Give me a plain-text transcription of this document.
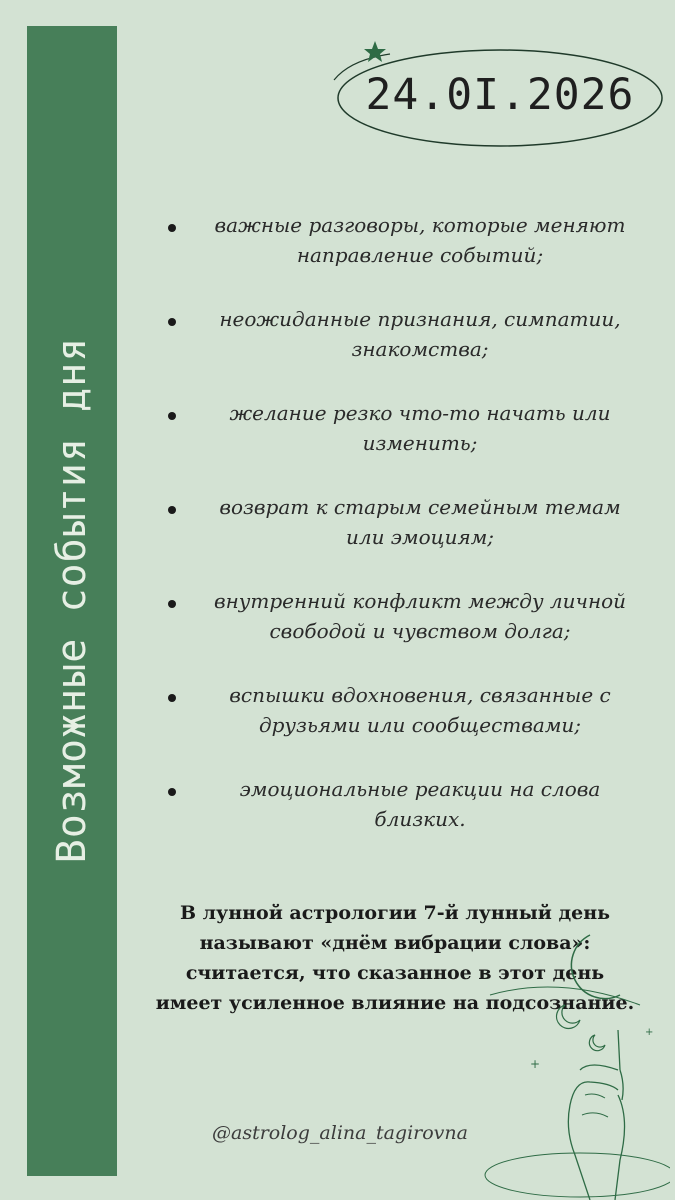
Возможные события дня
24.0I.2026
важные разговоры, которые меняют направление событий;
неожиданные признания, симпатии, знакомства;
желание резко что-то начать или изменить;
возврат к старым семейным темам или эмоциям;
внутренний конфликт между личной свободой и чувством долга;
вспышки вдохновения, связанные с друзьями или сообществами;
эмоциональные реакции на слова близких.
В лунной астрологии 7-й лунный день называют «днём вибрации слова»: считается, что сказанное в этот день имеет усиленное влияние на подсознание.
+
+
@astrolog_alina_tagirovna
